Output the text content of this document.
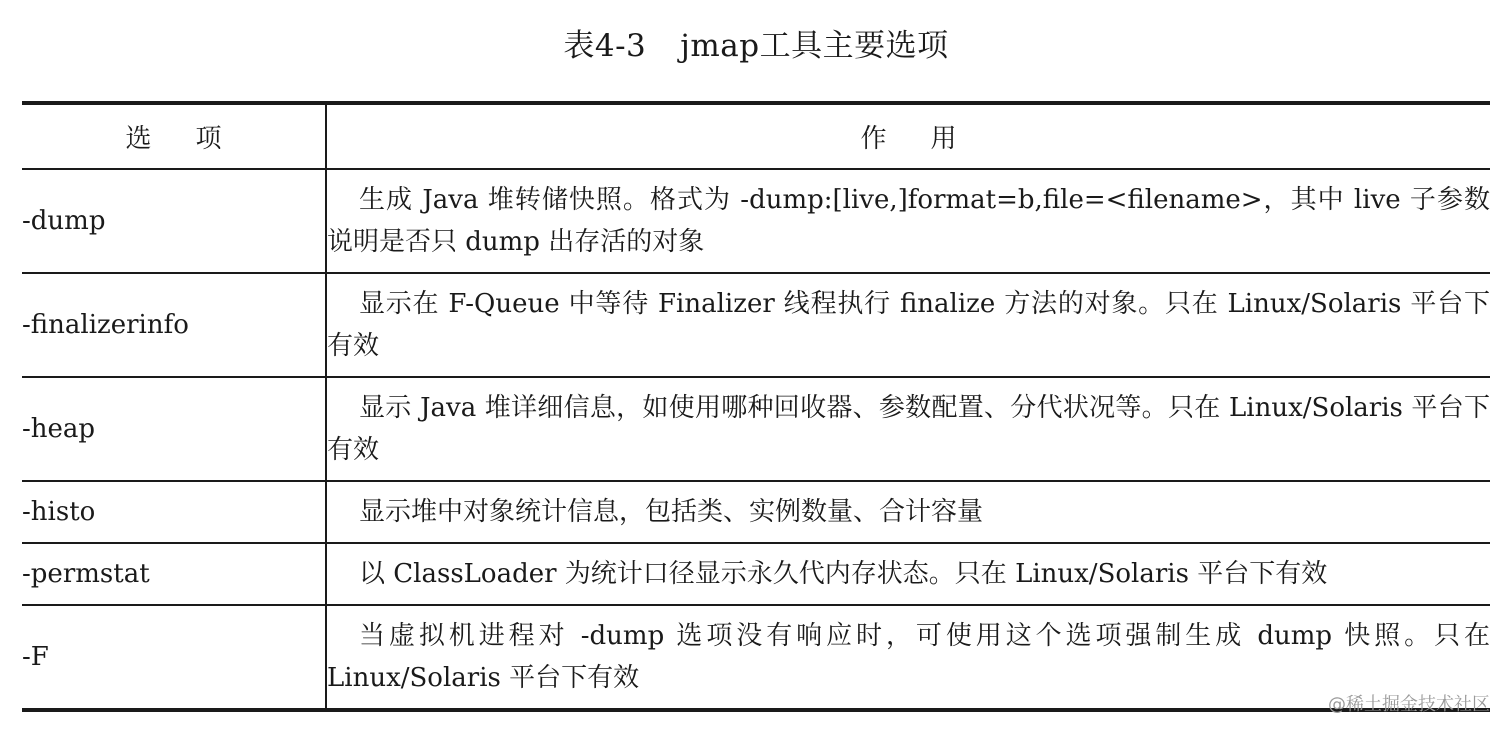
表4-3 jmap工具主要选项
选项	作用
-dump	生成 Java 堆转储快照。格式为 -dump:[live,]format=b,file=<filename>，其中 live 子参数说明是否只 dump 出存活的对象
-finalizerinfo	显示在 F-Queue 中等待 Finalizer 线程执行 finalize 方法的对象。只在 Linux/Solaris 平台下有效
-heap	显示 Java 堆详细信息，如使用哪种回收器、参数配置、分代状况等。只在 Linux/Solaris 平台下有效
-histo	显示堆中对象统计信息，包括类、实例数量、合计容量
-permstat	以 ClassLoader 为统计口径显示永久代内存状态。只在 Linux/Solaris 平台下有效
-F	当虚拟机进程对 -dump 选项没有响应时，可使用这个选项强制生成 dump 快照。只在 Linux/Solaris 平台下有效
@稀土掘金技术社区
